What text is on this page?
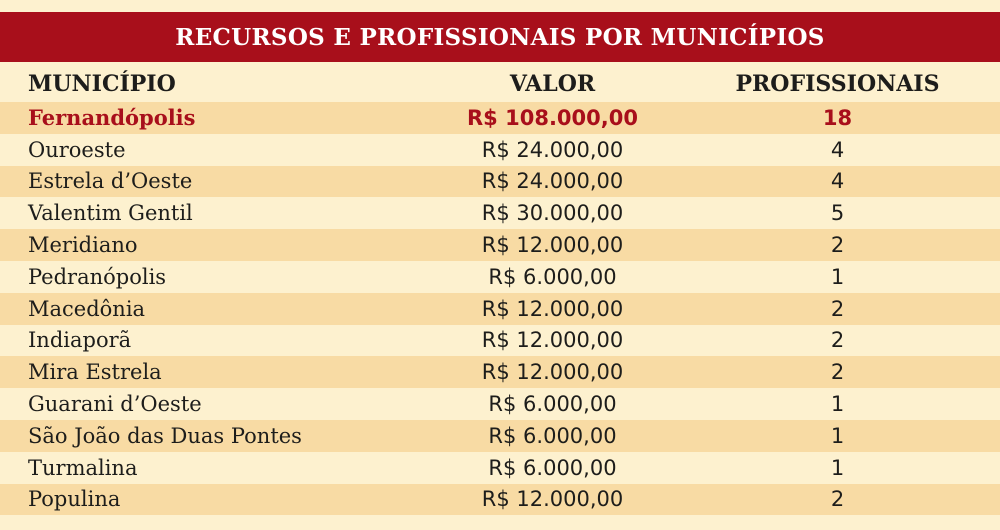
RECURSOS E PROFISSIONAIS POR MUNICÍPIOS
MUNICÍPIO	VALOR	PROFISSIONAIS
Fernandópolis	R$ 108.000,00	18
Ouroeste	R$ 24.000,00	4
Estrela d’Oeste	R$ 24.000,00	4
Valentim Gentil	R$ 30.000,00	5
Meridiano	R$ 12.000,00	2
Pedranópolis	R$ 6.000,00	1
Macedônia	R$ 12.000,00	2
Indiaporã	R$ 12.000,00	2
Mira Estrela	R$ 12.000,00	2
Guarani d’Oeste	R$ 6.000,00	1
São João das Duas Pontes	R$ 6.000,00	1
Turmalina	R$ 6.000,00	1
Populina	R$ 12.000,00	2
